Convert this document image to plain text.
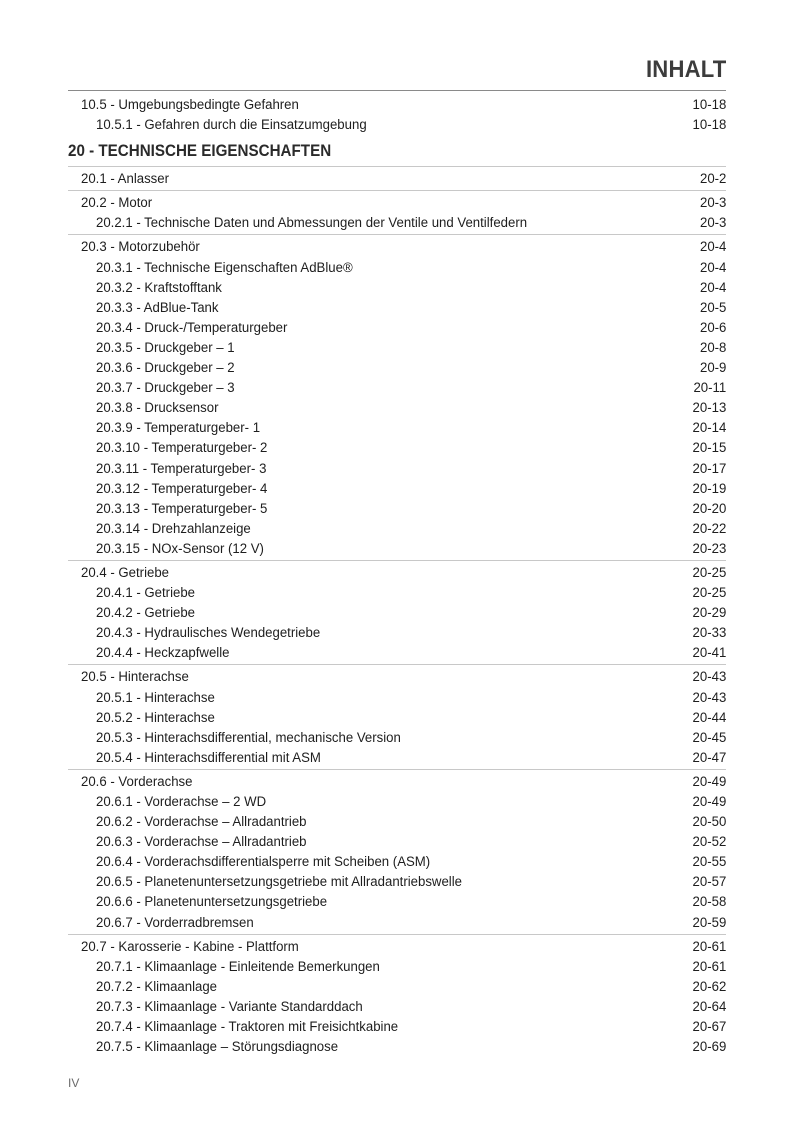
INHALT
10.5 - Umgebungsbedingte Gefahren	10-18
10.5.1 - Gefahren durch die Einsatzumgebung	10-18
20 - TECHNISCHE EIGENSCHAFTEN
20.1 - Anlasser	20-2
20.2 - Motor	20-3
20.2.1 - Technische Daten und Abmessungen der Ventile und Ventilfedern	20-3
20.3 - Motorzubehör	20-4
20.3.1 - Technische Eigenschaften AdBlue®	20-4
20.3.2 - Kraftstofftank	20-4
20.3.3 - AdBlue-Tank	20-5
20.3.4 - Druck-/Temperaturgeber	20-6
20.3.5 - Druckgeber – 1	20-8
20.3.6 - Druckgeber – 2	20-9
20.3.7 - Druckgeber – 3	20-11
20.3.8 - Drucksensor	20-13
20.3.9 - Temperaturgeber- 1	20-14
20.3.10 - Temperaturgeber- 2	20-15
20.3.11 - Temperaturgeber- 3	20-17
20.3.12 - Temperaturgeber- 4	20-19
20.3.13 - Temperaturgeber- 5	20-20
20.3.14 - Drehzahlanzeige	20-22
20.3.15 - NOx-Sensor (12 V)	20-23
20.4 - Getriebe	20-25
20.4.1 - Getriebe	20-25
20.4.2 - Getriebe	20-29
20.4.3 - Hydraulisches Wendegetriebe	20-33
20.4.4 - Heckzapfwelle	20-41
20.5 - Hinterachse	20-43
20.5.1 - Hinterachse	20-43
20.5.2 - Hinterachse	20-44
20.5.3 - Hinterachsdifferential, mechanische Version	20-45
20.5.4 - Hinterachsdifferential mit ASM	20-47
20.6 - Vorderachse	20-49
20.6.1 - Vorderachse – 2 WD	20-49
20.6.2 - Vorderachse – Allradantrieb	20-50
20.6.3 - Vorderachse – Allradantrieb	20-52
20.6.4 - Vorderachsdifferentialsperre mit Scheiben (ASM)	20-55
20.6.5 - Planetenuntersetzungsgetriebe mit Allradantriebswelle	20-57
20.6.6 - Planetenuntersetzungsgetriebe	20-58
20.6.7 - Vorderradbremsen	20-59
20.7 - Karosserie - Kabine - Plattform	20-61
20.7.1 - Klimaanlage - Einleitende Bemerkungen	20-61
20.7.2 - Klimaanlage	20-62
20.7.3 - Klimaanlage - Variante Standarddach	20-64
20.7.4 - Klimaanlage - Traktoren mit Freisichtkabine	20-67
20.7.5 - Klimaanlage – Störungsdiagnose	20-69
IV
